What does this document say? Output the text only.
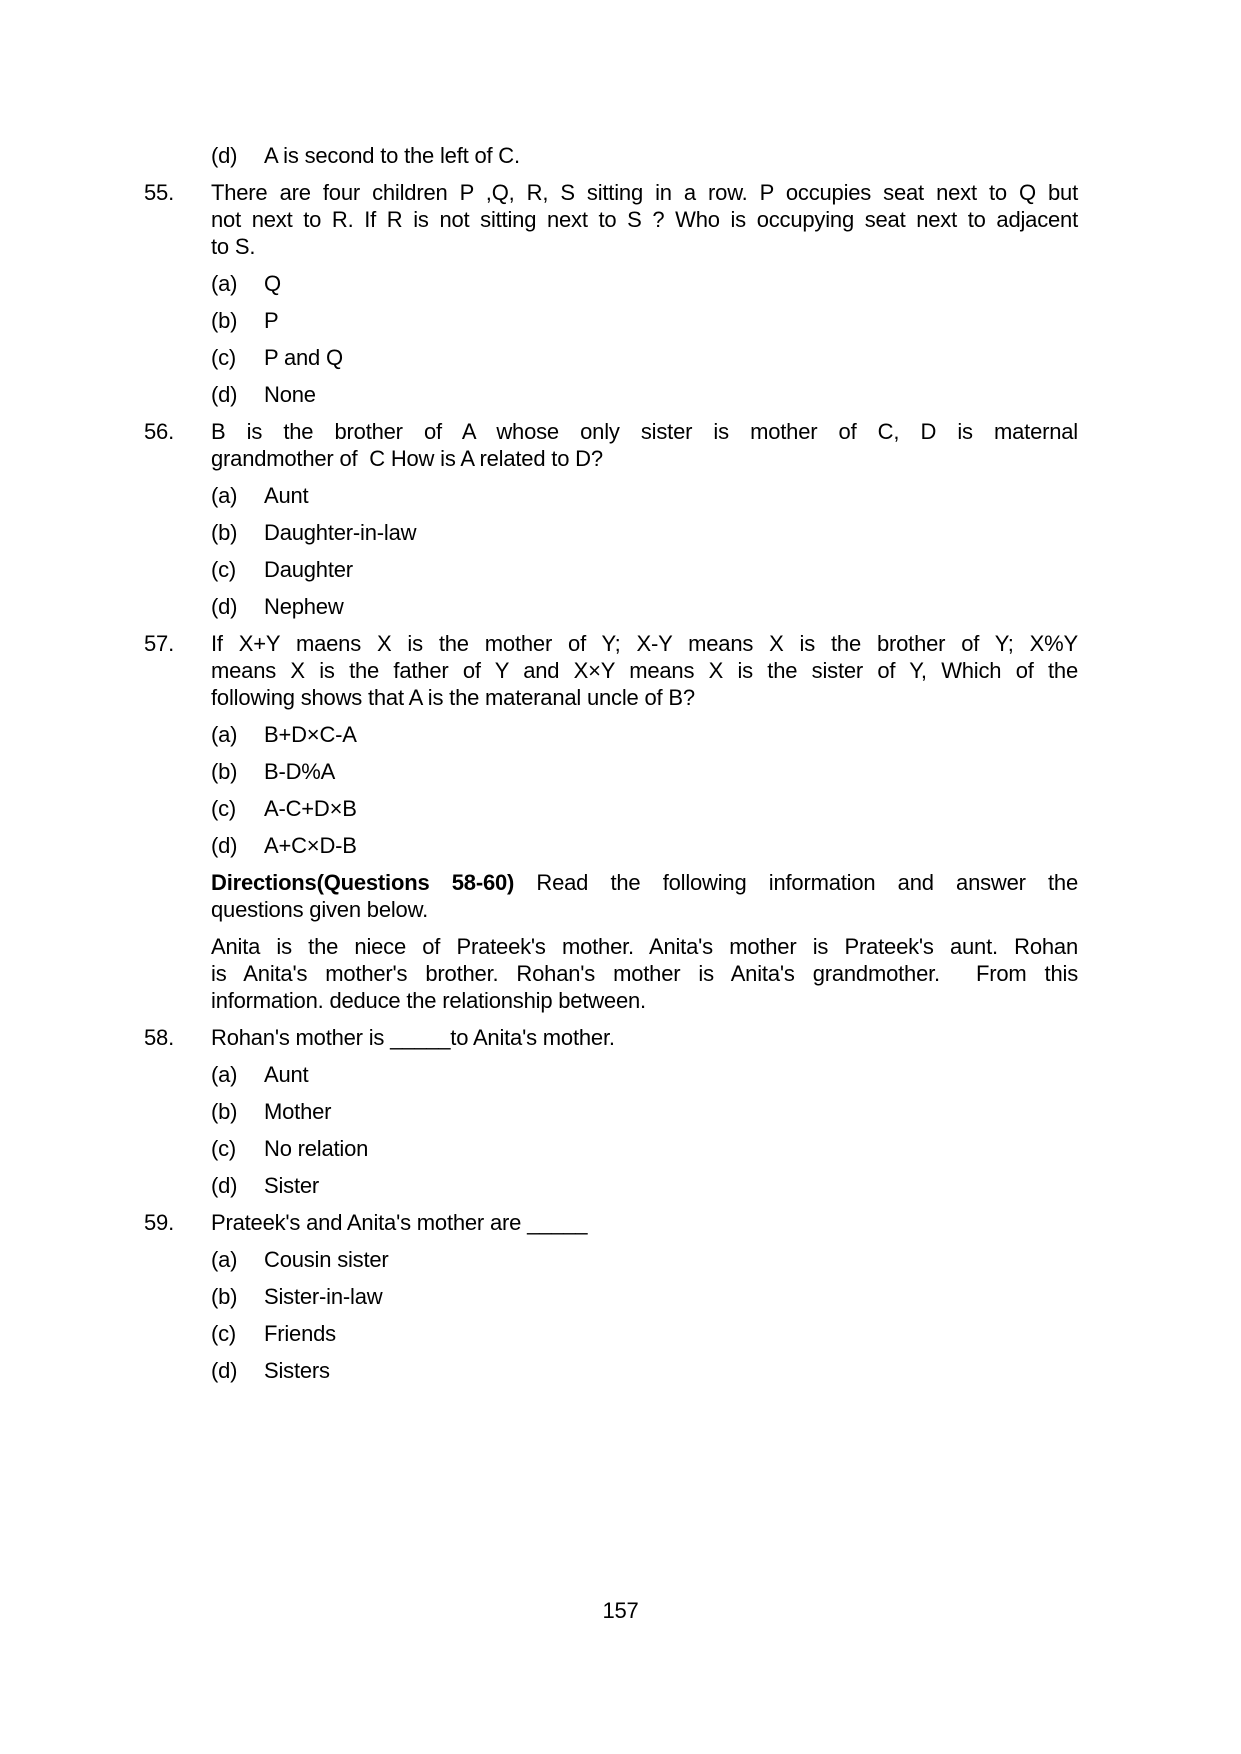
(d)	A is second to the left of C.
55.	There are four children P ,Q, R, S sitting in a row. P occupies seat next to Q but
not next to R. If R is not sitting next to S ? Who is occupying seat next to adjacent
to S.
(a)	Q
(b)	P
(c)	P and Q
(d)	None
56.	B is the brother of A whose only sister is mother of C, D is maternal
grandmother of  C How is A related to D?
(a)	Aunt
(b)	Daughter-in-law
(c)	Daughter
(d)	Nephew
57.	If X+Y maens X is the mother of Y; X-Y means X is the brother of Y; X%Y
means X is the father of Y and X×Y means X is the sister of Y, Which of the
following shows that A is the materanal uncle of B?
(a)	B+D×C-A
(b)	B-D%A
(c)	A-C+D×B
(d)	A+C×D-B
Directions(Questions 58-60) Read the following information and answer the
questions given below.
Anita is the niece of Prateek's mother. Anita's mother is Prateek's aunt. Rohan
is Anita's mother's brother. Rohan's mother is Anita's grandmother.  From this
information. deduce the relationship between.
58.	Rohan's mother is _____to Anita's mother.
(a)	Aunt
(b)	Mother
(c)	No relation
(d)	Sister
59.	Prateek's and Anita's mother are _____
(a)	Cousin sister
(b)	Sister-in-law
(c)	Friends
(d)	Sisters
157
